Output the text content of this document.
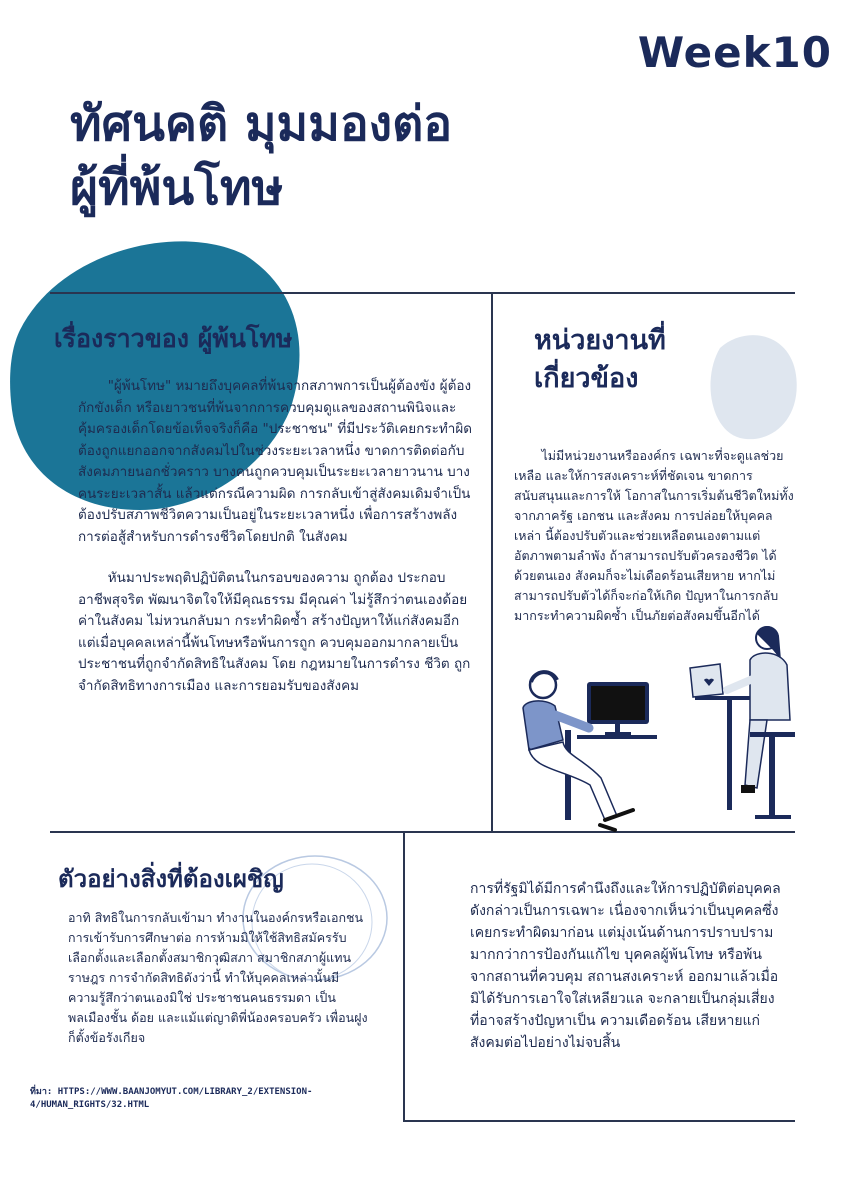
Week10
ทัศนคติ มุมมองต่อ
ผู้ที่พ้นโทษ
เรื่องราวของ ผู้พ้นโทษ

"ผู้พ้นโทษ" หมายถึงบุคคลที่พ้นจากสภาพการเป็นผู้ต้องขัง ผู้ต้องกักขังเด็ก หรือเยาวชนที่พ้นจากการควบคุมดูแลของสถานพินิจและคุ้มครองเด็กโดยข้อเท็จจริงก็คือ "ประชาชน" ที่มีประวัติเคยกระทำผิด ต้องถูกแยกออกจากสังคมไปในช่วงระยะเวลาหนึ่ง ขาดการติดต่อกับสังคมภายนอกชั่วคราว บางคนถูกควบคุมเป็นระยะเวลายาวนาน บาง คนระยะเวลาสั้น แล้วแต่กรณีความผิด การกลับเข้าสู่สังคมเดิมจำเป็นต้องปรับสภาพชีวิตความเป็นอยู่ในระยะเวลาหนึ่ง เพื่อการสร้างพลังการต่อสู้สำหรับการดำรงชีวิตโดยปกติ ในสังคม

หันมาประพฤติปฏิบัติตนในกรอบของความ ถูกต้อง ประกอบอาชีพสุจริต พัฒนาจิตใจให้มีคุณธรรม มีคุณค่า ไม่รู้สึกว่าตนเองด้อยค่าในสังคม ไม่หวนกลับมา กระทำผิดซ้ำ สร้างปัญหาให้แก่สังคมอีก แต่เมื่อบุคคลเหล่านี้พ้นโทษหรือพ้นการถูก ควบคุมออกมากลายเป็นประชาชนที่ถูกจำกัดสิทธิในสังคม โดย กฎหมายในการดำรง ชีวิต ถูกจำกัดสิทธิทางการเมือง และการยอมรับของสังคม

หน่วยงานที่
เกี่ยวข้อง

ไม่มีหน่วยงานหรือองค์กร เฉพาะที่จะดูแลช่วยเหลือ และให้การสงเคราะห์ที่ชัดเจน ขาดการสนับสนุนและการให้ โอกาสในการเริ่มต้นชีวิตใหม่ทั้งจากภาครัฐ เอกชน และสังคม การปล่อยให้บุคคลเหล่า นี้ต้องปรับตัวและช่วยเหลือตนเองตามแต่อัตภาพตามลำพัง ถ้าสามารถปรับตัวครองชีวิต ได้ด้วยตนเอง สังคมก็จะไม่เดือดร้อนเสียหาย หากไม่สามารถปรับตัวได้ก็จะก่อให้เกิด ปัญหาในการกลับมากระทำความผิดซ้ำ เป็นภัยต่อสังคมขึ้นอีกได้

ตัวอย่างสิ่งที่ต้องเผชิญ

อาทิ สิทธิในการกลับเข้ามา ทำงานในองค์กรหรือเอกชน การเข้ารับการศึกษาต่อ การห้ามมิให้ใช้สิทธิสมัครรับ เลือกตั้งและเลือกตั้งสมาชิกวุฒิสภา สมาชิกสภาผู้แทนราษฎร การจำกัดสิทธิดังว่านี้ ทำให้บุคคลเหล่านั้นมีความรู้สึกว่าตนเองมิใช่ ประชาชนคนธรรมดา เป็นพลเมืองชั้น ด้อย และแม้แต่ญาติพี่น้องครอบครัว เพื่อนฝูงก็ตั้งข้อรังเกียจ

การที่รัฐมิได้มีการคำนึงถึงและให้การปฏิบัติต่อบุคคลดังกล่าวเป็นการเฉพาะ เนื่องจากเห็นว่าเป็นบุคคลซึ่งเคยกระทำผิดมาก่อน แต่มุ่งเน้นด้านการปราบปราม มากกว่าการป้องกันแก้ไข บุคคลผู้พ้นโทษ หรือพ้นจากสถานที่ควบคุม สถานสงเคราะห์ ออกมาแล้วเมื่อมิได้รับการเอาใจใส่เหลียวแล จะกลายเป็นกลุ่มเสี่ยงที่อาจสร้างปัญหาเป็น ความเดือดร้อน เสียหายแก่สังคมต่อไปอย่างไม่จบสิ้น

ที่มา: HTTPS://WWW.BAANJOMYUT.COM/LIBRARY_2/EXTENSION-4/HUMAN_RIGHTS/32.HTML
